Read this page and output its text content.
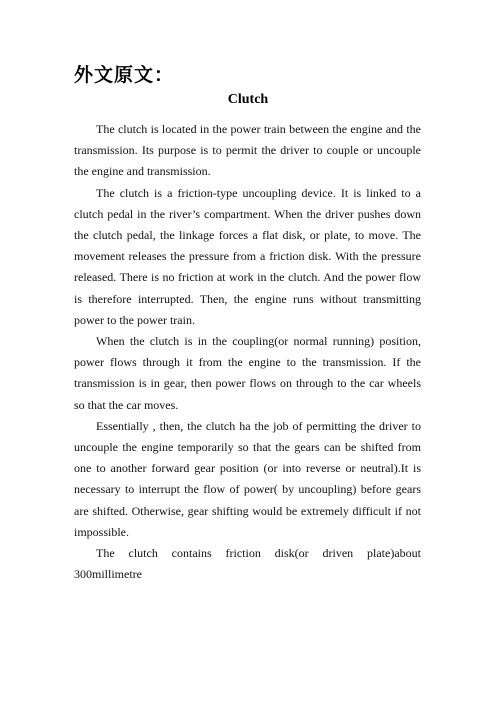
外文原文：
Clutch

The clutch is located in the power train between the engine and the transmission. Its purpose is to permit the driver to couple or uncouple the engine and transmission.

The clutch is a friction-type uncoupling device. It is linked to a clutch pedal in the river’s compartment. When the driver pushes down the clutch pedal, the linkage forces a flat disk, or plate, to move. The movement releases the pressure from a friction disk. With the pressure released. There is no friction at work in the clutch. And the power flow is therefore interrupted. Then, the engine runs without transmitting power to the power train.

When the clutch is in the coupling(or normal running) position, power flows through it from the engine to the transmission. If the transmission is in gear, then power flows on through to the car wheels so that the car moves.

Essentially , then, the clutch ha the job of permitting the driver to uncouple the engine temporarily so that the gears can be shifted from one to another forward gear position (or into reverse or neutral).It is necessary to interrupt the flow of power( by uncoupling) before gears are shifted. Otherwise, gear shifting would be extremely difficult if not impossible.

The clutch contains friction disk(or driven plate)about 300millimetre
